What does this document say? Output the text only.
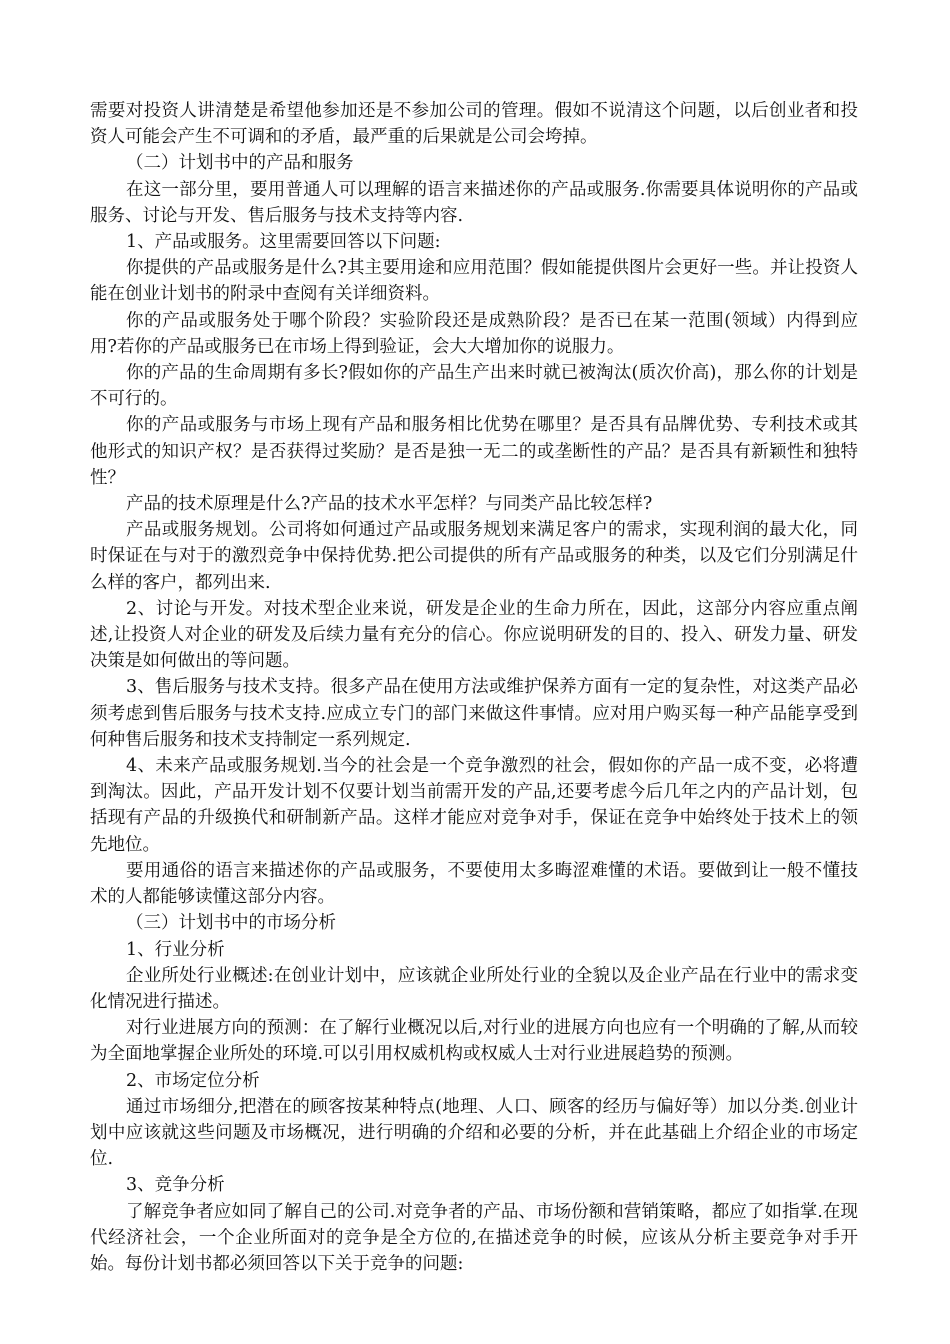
需要对投资人讲清楚是希望他参加还是不参加公司的管理。假如不说清这个问题，以后创业者和投资人可能会产生不可调和的矛盾，最严重的后果就是公司会垮掉。

（二）计划书中的产品和服务

在这一部分里，要用普通人可以理解的语言来描述你的产品或服务.你需要具体说明你的产品或服务、讨论与开发、售后服务与技术支持等内容.

1、产品或服务。这里需要回答以下问题:

你提供的产品或服务是什么?其主要用途和应用范围？假如能提供图片会更好一些。并让投资人能在创业计划书的附录中查阅有关详细资料。

你的产品或服务处于哪个阶段？实验阶段还是成熟阶段？是否已在某一范围(领域）内得到应用?若你的产品或服务已在市场上得到验证，会大大增加你的说服力。

你的产品的生命周期有多长?假如你的产品生产出来时就已被淘汰(质次价高)，那么你的计划是不可行的。

你的产品或服务与市场上现有产品和服务相比优势在哪里？是否具有品牌优势、专利技术或其他形式的知识产权？是否获得过奖励？是否是独一无二的或垄断性的产品？是否具有新颖性和独特性？

产品的技术原理是什么?产品的技术水平怎样？与同类产品比较怎样?

产品或服务规划。公司将如何通过产品或服务规划来满足客户的需求，实现利润的最大化，同时保证在与对于的激烈竞争中保持优势.把公司提供的所有产品或服务的种类，以及它们分别满足什么样的客户，都列出来.

2、讨论与开发。对技术型企业来说，研发是企业的生命力所在，因此，这部分内容应重点阐述,让投资人对企业的研发及后续力量有充分的信心。你应说明研发的目的、投入、研发力量、研发决策是如何做出的等问题。

3、售后服务与技术支持。很多产品在使用方法或维护保养方面有一定的复杂性，对这类产品必须考虑到售后服务与技术支持.应成立专门的部门来做这件事情。应对用户购买每一种产品能享受到何种售后服务和技术支持制定一系列规定.

4、未来产品或服务规划.当今的社会是一个竞争激烈的社会，假如你的产品一成不变，必将遭到淘汰。因此，产品开发计划不仅要计划当前需开发的产品,还要考虑今后几年之内的产品计划，包括现有产品的升级换代和研制新产品。这样才能应对竞争对手，保证在竞争中始终处于技术上的领先地位。

要用通俗的语言来描述你的产品或服务，不要使用太多晦涩难懂的术语。要做到让一般不懂技术的人都能够读懂这部分内容。

（三）计划书中的市场分析

1、行业分析

企业所处行业概述:在创业计划中，应该就企业所处行业的全貌以及企业产品在行业中的需求变化情况进行描述。

对行业进展方向的预测：在了解行业概况以后,对行业的进展方向也应有一个明确的了解,从而较为全面地掌握企业所处的环境.可以引用权威机构或权威人士对行业进展趋势的预测。

2、市场定位分析

通过市场细分,把潜在的顾客按某种特点(地理、人口、顾客的经历与偏好等）加以分类.创业计划中应该就这些问题及市场概况，进行明确的介绍和必要的分析，并在此基础上介绍企业的市场定位.

3、竞争分析

了解竞争者应如同了解自己的公司.对竞争者的产品、市场份额和营销策略，都应了如指掌.在现代经济社会，一个企业所面对的竞争是全方位的,在描述竞争的时候，应该从分析主要竞争对手开始。每份计划书都必须回答以下关于竞争的问题:
